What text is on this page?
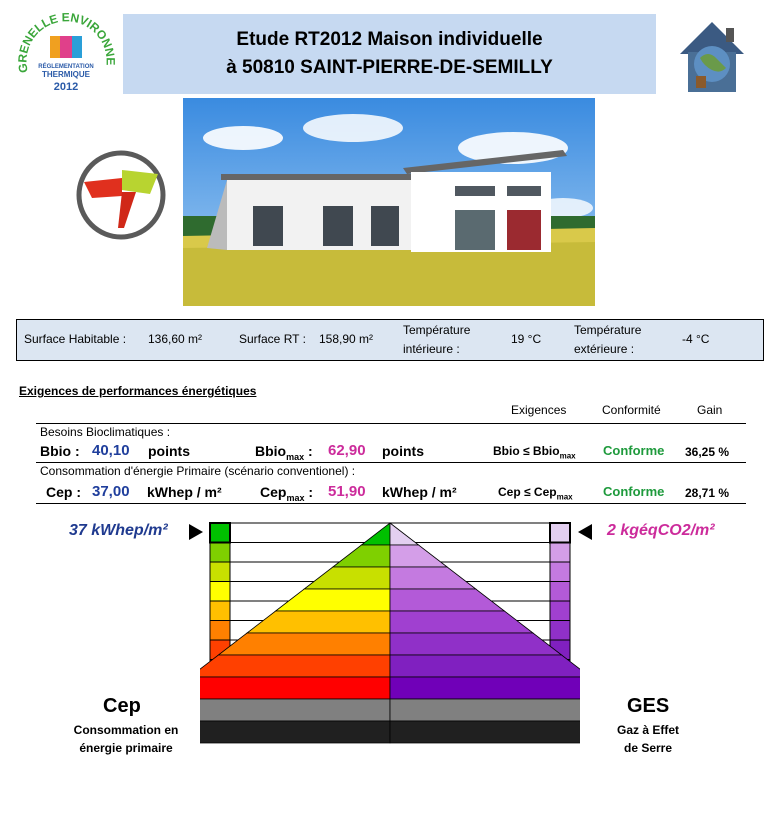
GRENELLE ENVIRONNE
RÉGLEMENTATION
THERMIQUE
2012
Etude RT2012 Maison individuelle
à 50810 SAINT-PIERRE-DE-SEMILLY
Surface Habitable : 136,60 m²	Surface RT : 158,90 m²
Température
intérieure :
19 °C
Température
extérieure :
-4 °C
Exigences de performances énergétiques
Exigences	Conformité	Gain
Besoins Bioclimatiques :
Bbio : 40,10 points	Bbio$_{max}$ : 62,90 points	Bbio ≤ Bbio$_{max}$ Conforme 36,25 %
Consommation d'énergie Primaire (scénario conventionel) :
Cep : 37,00 kWhep / m²	Cep$_{max}$ : 51,90 kWhep / m²	Cep ≤ Cep$_{max}$ Conforme 28,71 %
37 kWhep/m²	2 kgéqCO2/m²
Cep
Consommation en
énergie primaire
GES
Gaz à Effet
de Serre
